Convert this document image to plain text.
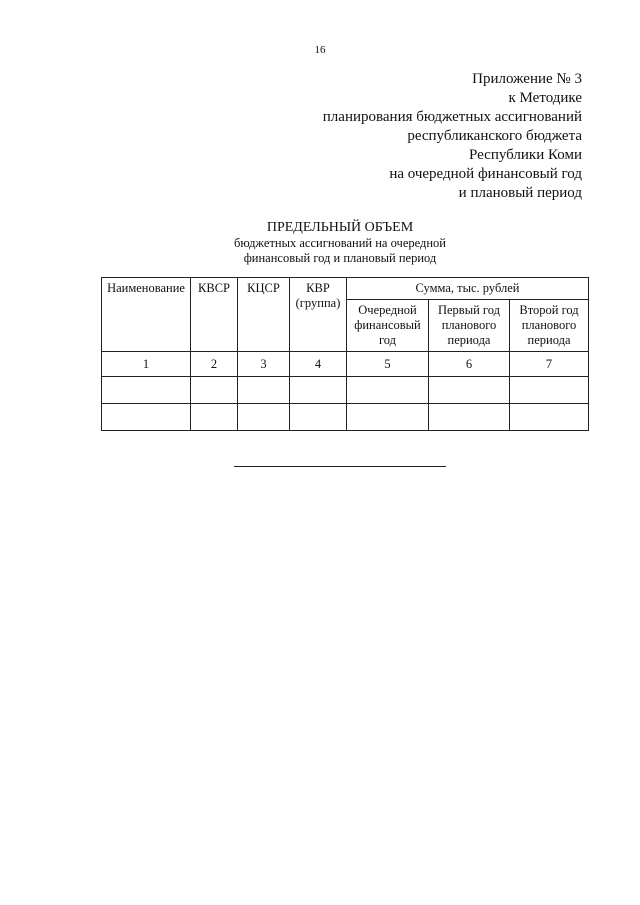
16
Приложение № 3
к Методике
планирования бюджетных ассигнований
республиканского бюджета
Республики Коми
на очередной финансовый год
и плановый период
ПРЕДЕЛЬНЫЙ ОБЪЕМ
бюджетных ассигнований на очередной
финансовый год и плановый период
Наименование	КВСР	КЦСР	КВР (группа)	Сумма, тыс. рублей		
				Очередной финансовый год	Первый год планового периода	Второй год планового периода
1	2	3	4	5	6	7
